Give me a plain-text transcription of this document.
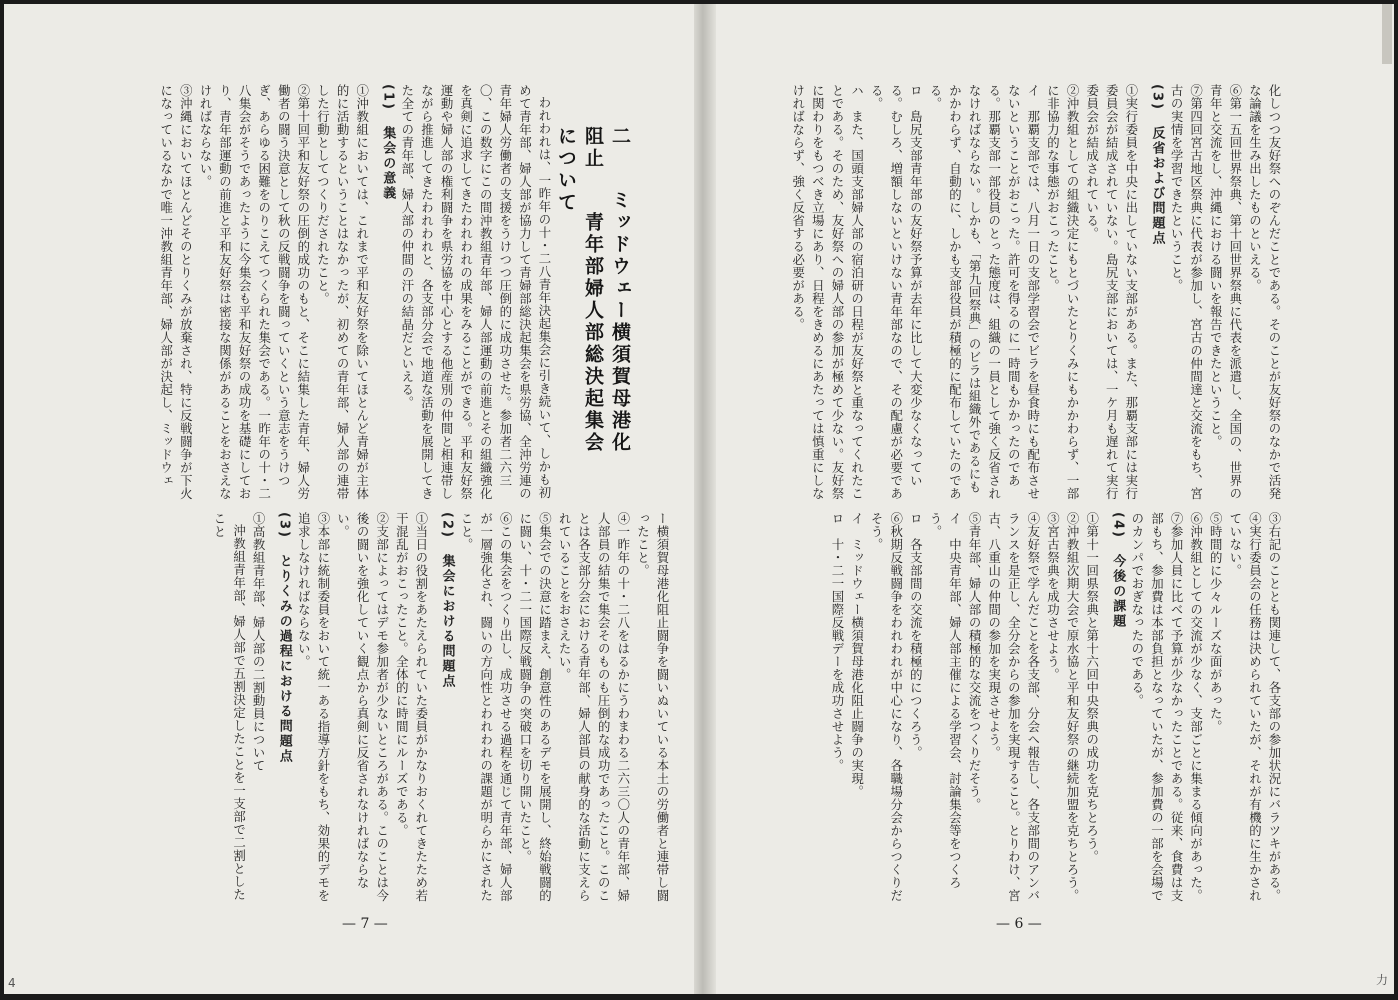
二ミッドウェー横須賀母港化阻止青年部婦人部総決起集会について

われわれは、一昨年の十・二八青年決起集会に引き続いて、しかも初めて青年部、婦人部が協力して青婦部総決起集会を県労協、全沖労連の青年婦人労働者の支援をうけつつ圧倒的に成功させた。参加者二六三〇、この数字にこの間沖教組青年部、婦人部運動の前進とその組織強化を真剣に追求してきたわれわれの成果をみることができる。平和友好祭運動や婦人部の権利闘争を県労協を中心とする他産別の仲間と相連帯しながら推進してきたわれわれと、各支部分会で地道な活動を展開してきた全ての青年部、婦人部の仲間の汗の結晶だといえる。

(1)　集会の意義

①沖教組においては、これまで平和友好祭を除いてほとんど青婦が主体的に活動するということはなかったが、初めての青年部、婦人部の連帯した行動としてつくりだされたこと。

②第十回平和友好祭の圧倒的成功のもと、そこに結集した青年、婦人労働者の闘う決意として秋の反戦闘争を闘っていくという意志をうけつぎ、あらゆる困難をのりこえてつくられた集会である。一昨年の十・二八集会がそうであったように今集会も平和友好祭の成功を基礎にしており、青年部運動の前進と平和友好祭は密接な関係があることをおさえなければならない。

③沖縄においてほとんどそのとりくみが放棄され、特に反戦闘争が下火になっているなかで唯一沖教組青年部、婦人部が決起し、ミッドウェ

ー横須賀母港化阻止闘争を闘いぬいている本土の労働者と連帯し闘ったこと。

④一昨年の十・二八をはるかにうわまわる二六三〇人の青年部、婦人部員の結集で集会そのものも圧倒的な成功であったこと。このことは各支部分会における青年部、婦人部員の献身的な活動に支えられていることをおさえたい。

⑤集会での決意に踏まえ、創意性のあるデモを展開し、終始戦闘的に闘い、十・二一国際反戦闘争の突破口を切り開いたこと。

⑥この集会をつくり出し、成功させる過程を通じて青年部、婦人部が一層強化され、闘いの方向性とわれわれの課題が明らかにされたこと。

(2)　集会における問題点

①当日の役割をあたえられていた委員がかなりおくれてきたため若干混乱がおこったこと。全体的に時間にルーズである。

②支部によってはデモ参加者が少ないところがある。このことは今後の闘いを強化していく観点から真剣に反省されなければならない。

③本部に統制委員をおいて統一ある指導方針をもち、効果的デモを追求しなければならない。

(3)　とりくみの過程における問題点

①高教組青年部、婦人部の二割動員について

沖教組青年部、婦人部で五割決定したことを一支部で二割としたこと

— 7 —
4

化しつつ友好祭へのぞんだことである。そのことが友好祭のなかで活発な論議を生み出したものといえる。

⑥第一五回世界祭典、第十回世界祭典に代表を派遣し、全国の、世界の青年と交流をし、沖縄における闘いを報告できたということ。

⑦第四回宮古地区祭典に代表が参加し、宮古の仲間達と交流をもち、宮古の実情を学習できたということ。

(3)　反省および問題点

①実行委員を中央に出していない支部がある。また、那覇支部には実行委員会が結成されていない。島尻支部においては、一ケ月も遅れて実行委員会が結成されている。

②沖教組としての組織決定にもとづいたとりくみにもかかわらず、一部に非協力的な事態がおこったこと。

イ　那覇支部では、八月一日の支部学習会でビラを昼食時にも配布させないということがおこった。許可を得るのに一時間もかかったのである。那覇支部一部役員のとった態度は、組織の一員として強く反省されなければならない。しかも、「第九回祭典」のビラは組織外であるにもかかわらず、自動的に、しかも支部役員が積極的に配布していたのである。

ロ　島尻支部青年部の友好祭予算が去年に比して大変少なくなっている。むしろ、増額しないといけない青年部なので、その配慮が必要である。

ハ　また、国頭支部婦人部の宿泊研の日程が友好祭と重なってくれたことである。そのため、友好祭への婦人部の参加が極めて少ない。友好祭に関わりをもつべき立場にあり、日程をきめるにあたっては慎重にしなければならず、強く反省する必要がある。

③右記のこととも関連して、各支部の参加状況にバラツキがある。

④実行委員会の任務は決められていたが、それが有機的に生かされていない。

⑤時間的に少々ルーズな面があった。

⑥沖教組としての交流が少なく、支部ごとに集まる傾向があった。

⑦参加人員に比べて予算が少なかったことである。従来、食費は支部もち、参加費は本部負担となっていたが、参加費の一部を会場でのカンパでおぎなったのである。

(4)　今後の課題

①第十一回県祭典と第十六回中央祭典の成功を克ちとろう。

②沖教組次期大会で原水協と平和友好祭の継続加盟を克ちとろう。

③宮古祭典を成功させよう。

④友好祭で学んだことを各支部、分会へ報告し、各支部間のアンバランスを是正し、全分会からの参加を実現すること。とりわけ、宮古、八重山の仲間の参加を実現させよう。

⑤青年部、婦人部の積極的な交流をつくりだそう。

イ　中央青年部、婦人部主催による学習会、討論集会等をつくろう。

ロ　各支部間の交流を積極的につくろう。

⑥秋期反戦闘争をわれわれが中心になり、各職場分会からつくりだそう。

イ　ミッドウェー横須賀母港化阻止闘争の実現。

ロ　十・二一国際反戦デーを成功させよう。

— 6 —
力
